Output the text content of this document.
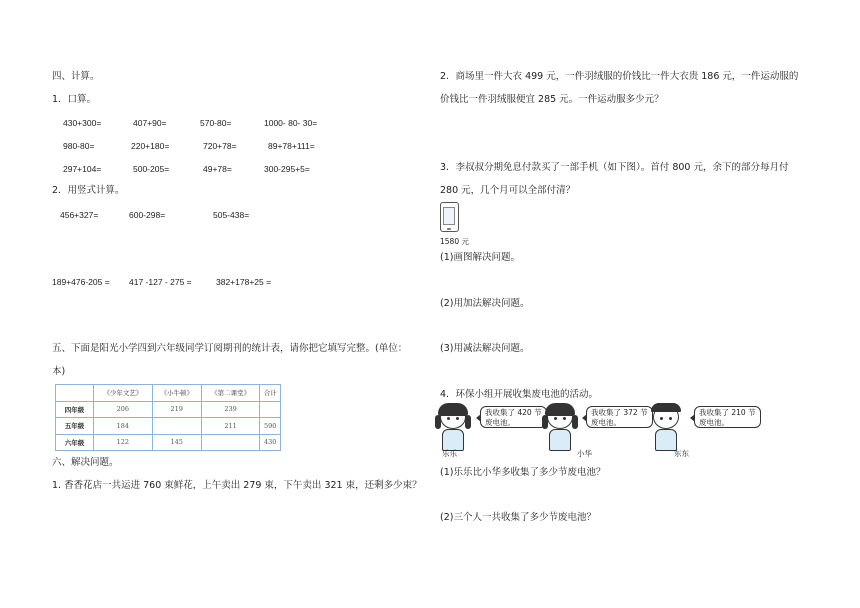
四、计算。
1．口算。
430+300=	407+90=	570-80=	1000- 80- 30=
980-80=	220+180=	720+78=	89+78+111=
297+104=	500-205=	49+78=	300-295+5=
2．用竖式计算。
456+327=	600-298=	505-438=
189+476-205 = 417 -127 - 275 =	382+178+25 =
五、下面是阳光小学四到六年级同学订阅期刊的统计表，请你把它填写完整。(单位：
本)
	《少年文艺》	《小牛顿》	《第二课堂》	合计
四年级	206	219	239	
五年级	184		211	590
六年级	122	145		430
六、解决问题。
1. 香香花店一共运进 760 束鲜花，上午卖出 279 束，下午卖出 321 束，还剩多少束？
2．商场里一件大衣 499 元，一件羽绒服的价钱比一件大衣贵 186 元，一件运动服的
价钱比一件羽绒服便宜 285 元。一件运动服多少元？
3．李叔叔分期免息付款买了一部手机（如下图）。首付 800 元，余下的部分每月付
280 元，几个月可以全部付清？
1580 元
(1)画图解决问题。
(2)用加法解决问题。
(3)用减法解决问题。
4．环保小组开展收集废电池的活动。
我收集了 420 节
废电池。
乐乐
我收集了 372 节
废电池。
小华
我收集了 210 节
废电池。
东东
(1)乐乐比小华多收集了多少节废电池？
(2)三个人一共收集了多少节废电池？
